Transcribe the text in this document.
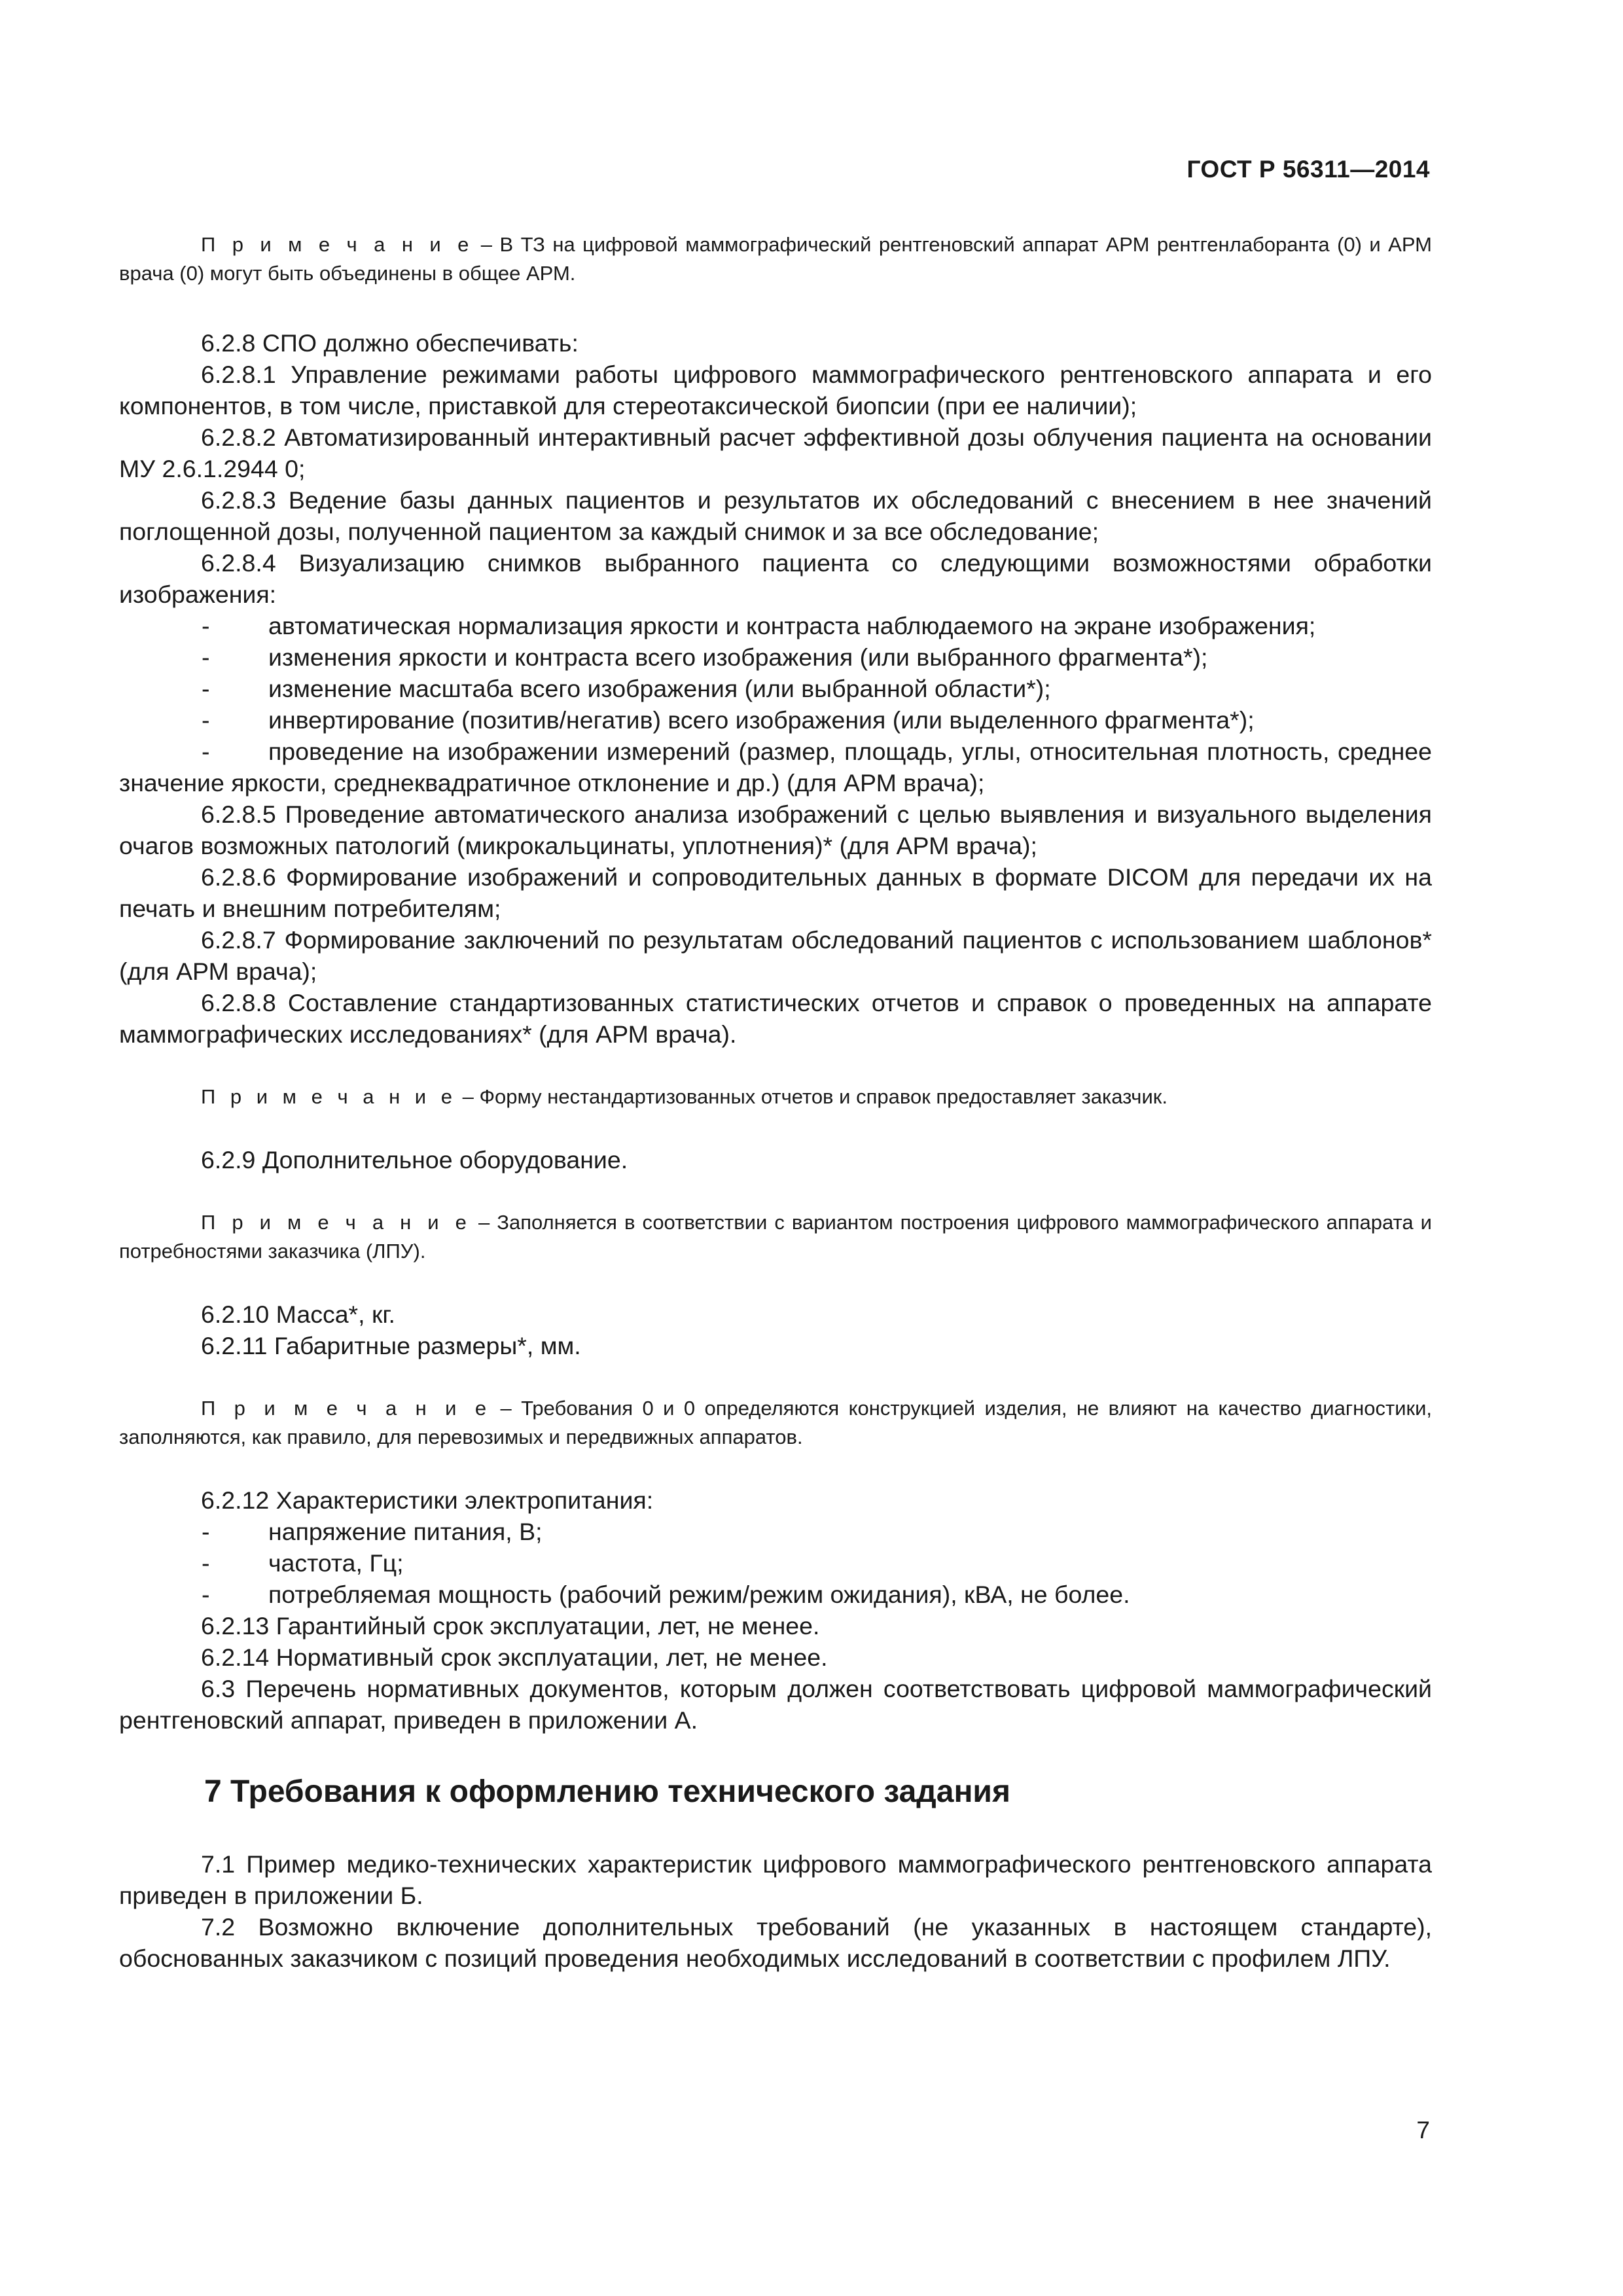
ГОСТ Р 56311—2014

П р и м е ч а н и е – В ТЗ на цифровой маммографический рентгеновский аппарат АРМ рентгенлаборанта (0) и АРМ врача (0) могут быть объединены в общее АРМ.

6.2.8 СПО должно обеспечивать:

6.2.8.1 Управление режимами работы цифрового маммографического рентгеновского аппарата и его компонентов, в том числе, приставкой для стереотаксической биопсии (при ее наличии);

6.2.8.2 Автоматизированный интерактивный расчет эффективной дозы облучения пациента на основании МУ 2.6.1.2944 0;

6.2.8.3 Ведение базы данных пациентов и результатов их обследований с внесением в нее значений поглощенной дозы, полученной пациентом за каждый снимок и за все обследование;

6.2.8.4 Визуализацию снимков выбранного пациента со следующими возможностями обработки изображения:

- автоматическая нормализация яркости и контраста наблюдаемого на экране изображения;

- изменения яркости и контраста всего изображения (или выбранного фрагмента*);

- изменение масштаба всего изображения (или выбранной области*);

- инвертирование (позитив/негатив) всего изображения (или выделенного фрагмента*);

- проведение на изображении измерений (размер, площадь, углы, относительная плотность, среднее значение яркости, среднеквадратичное отклонение и др.) (для АРМ врача);

6.2.8.5 Проведение автоматического анализа изображений с целью выявления и визуального выделения очагов возможных патологий (микрокальцинаты, уплотнения)* (для АРМ врача);

6.2.8.6 Формирование изображений и сопроводительных данных в формате DICOM для передачи их на печать и внешним потребителям;

6.2.8.7 Формирование заключений по результатам обследований пациентов с использованием шаблонов* (для АРМ врача);

6.2.8.8 Составление стандартизованных статистических отчетов и справок о проведенных на аппарате маммографических исследованиях* (для АРМ врача).

П р и м е ч а н и е – Форму нестандартизованных отчетов и справок предоставляет заказчик.

6.2.9 Дополнительное оборудование.

П р и м е ч а н и е – Заполняется в соответствии с вариантом построения цифрового маммографического аппарата и потребностями заказчика (ЛПУ).

6.2.10 Масса*, кг.

6.2.11 Габаритные размеры*, мм.

П р и м е ч а н и е – Требования 0 и 0 определяются конструкцией изделия, не влияют на качество диагностики, заполняются, как правило, для перевозимых и передвижных аппаратов.

6.2.12 Характеристики электропитания:

- напряжение питания, В;

- частота, Гц;

- потребляемая мощность (рабочий режим/режим ожидания), кВА, не более.

6.2.13 Гарантийный срок эксплуатации, лет, не менее.

6.2.14 Нормативный срок эксплуатации, лет, не менее.

6.3 Перечень нормативных документов, которым должен соответствовать цифровой маммографический рентгеновский аппарат, приведен в приложении А.

7 Требования к оформлению технического задания

7.1 Пример медико-технических характеристик цифрового маммографического рентгеновского аппарата приведен в приложении Б.

7.2 Возможно включение дополнительных требований (не указанных в настоящем стандарте), обоснованных заказчиком с позиций проведения необходимых исследований в соответствии с профилем ЛПУ.

7
